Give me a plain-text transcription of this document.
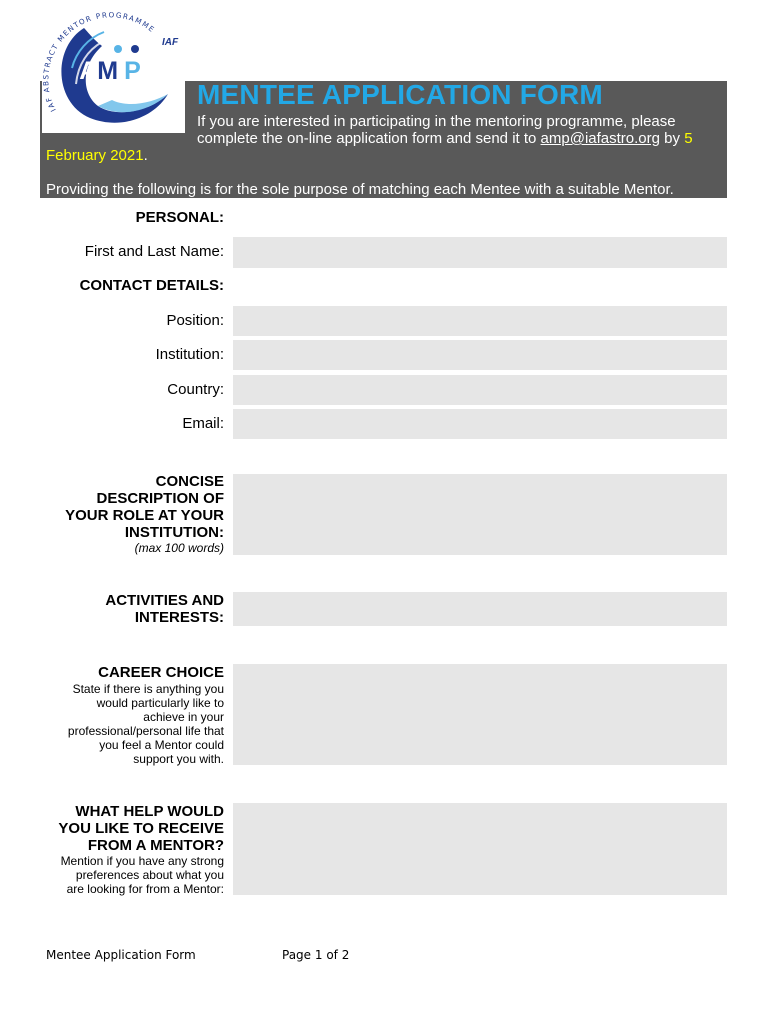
IAF ABSTRACT MENTOR PROGRAMME
AM P
IAF
MENTEE APPLICATION FORM
If you are interested in participating in the mentoring programme, please
complete the on-line application form and send it to amp@iafastro.org by 5
February 2021.
Providing the following is for the sole purpose of matching each Mentee with a suitable Mentor.
PERSONAL:
First and Last Name:
CONTACT DETAILS:
Position:
Institution:
Country:
Email:
CONCISE
DESCRIPTION OF
YOUR ROLE AT YOUR
INSTITUTION:
(max 100 words)
ACTIVITIES AND
INTERESTS:
CAREER CHOICE
State if there is anything you
would particularly like to
achieve in your
professional/personal life that
you feel a Mentor could
support you with.
WHAT HELP WOULD
YOU LIKE TO RECEIVE
FROM A MENTOR?
Mention if you have any strong
preferences about what you
are looking for from a Mentor:
Mentee Application Form	Page 1 of 2
